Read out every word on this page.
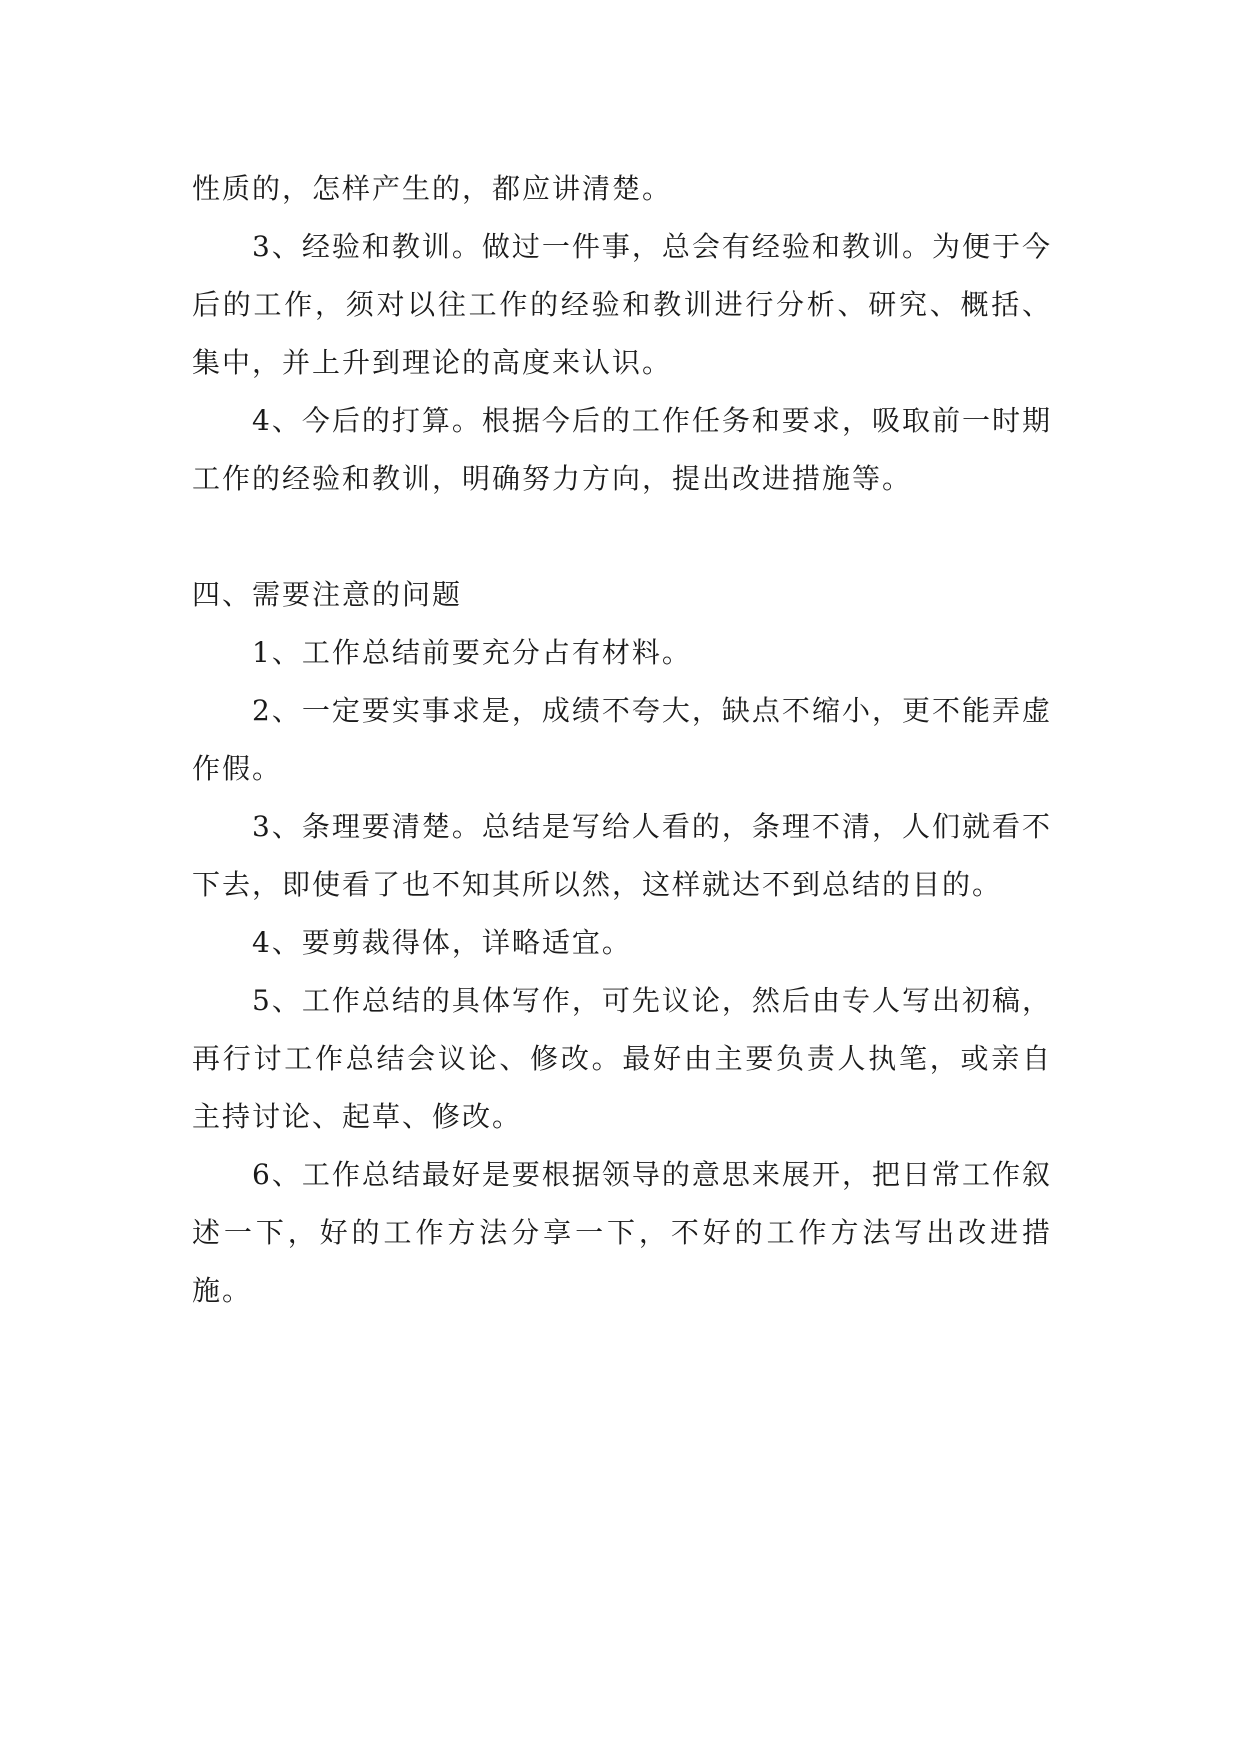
性质的，怎样产生的，都应讲清楚。

3、经验和教训。做过一件事，总会有经验和教训。为便于今后的工作，须对以往工作的经验和教训进行分析、研究、概括、集中，并上升到理论的高度来认识。

4、今后的打算。根据今后的工作任务和要求，吸取前一时期工作的经验和教训，明确努力方向，提出改进措施等。

四、需要注意的问题

1、工作总结前要充分占有材料。

2、一定要实事求是，成绩不夸大，缺点不缩小，更不能弄虚作假。

3、条理要清楚。总结是写给人看的，条理不清，人们就看不下去，即使看了也不知其所以然，这样就达不到总结的目的。

4、要剪裁得体，详略适宜。

5、工作总结的具体写作，可先议论，然后由专人写出初稿，再行讨工作总结会议论、修改。最好由主要负责人执笔，或亲自主持讨论、起草、修改。

6、工作总结最好是要根据领导的意思来展开，把日常工作叙述一下，好的工作方法分享一下，不好的工作方法写出改进措施。
